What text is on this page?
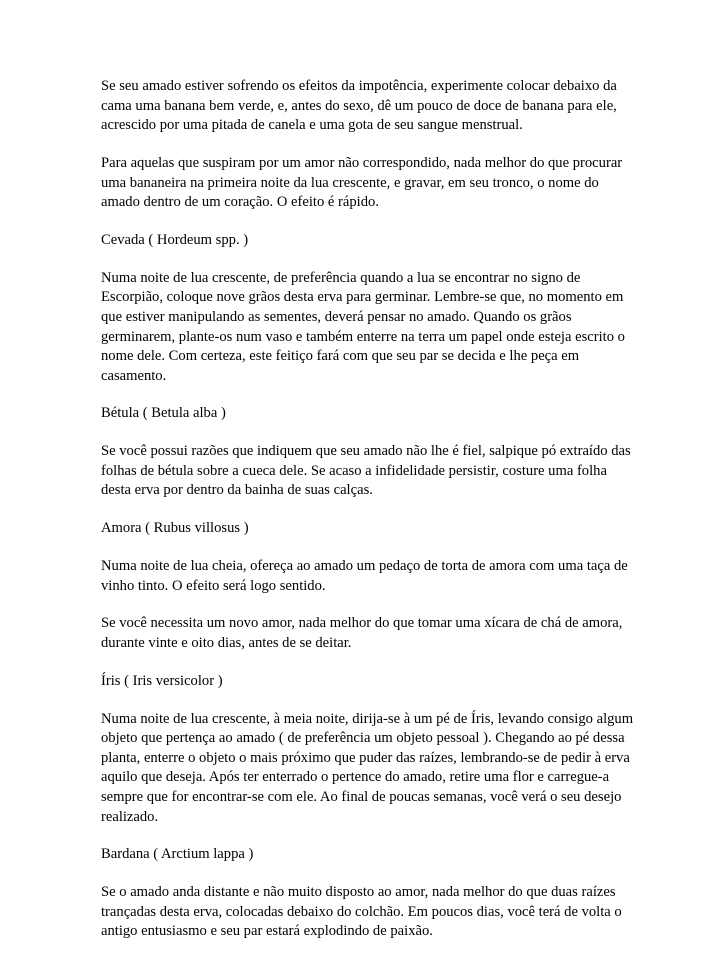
Se seu amado estiver sofrendo os efeitos da impotência, experimente colocar debaixo da
cama uma banana bem verde, e, antes do sexo, dê um pouco de doce de banana para ele,
acrescido por uma pitada de canela e uma gota de seu sangue menstrual.

Para aquelas que suspiram por um amor não correspondido, nada melhor do que procurar
uma bananeira na primeira noite da lua crescente, e gravar, em seu tronco, o nome do
amado dentro de um coração. O efeito é rápido.

Cevada ( Hordeum spp. )

Numa noite de lua crescente, de preferência quando a lua se encontrar no signo de
Escorpião, coloque nove grãos desta erva para germinar. Lembre-se que, no momento em
que estiver manipulando as sementes, deverá pensar no amado. Quando os grãos
germinarem, plante-os num vaso e também enterre na terra um papel onde esteja escrito o
nome dele. Com certeza, este feitiço fará com que seu par se decida e lhe peça em
casamento.

Bétula ( Betula alba )

Se você possui razões que indiquem que seu amado não lhe é fiel, salpique pó extraído das
folhas de bétula sobre a cueca dele. Se acaso a infidelidade persistir, costure uma folha
desta erva por dentro da bainha de suas calças.

Amora ( Rubus villosus )

Numa noite de lua cheia, ofereça ao amado um pedaço de torta de amora com uma taça de
vinho tinto. O efeito será logo sentido.

Se você necessita um novo amor, nada melhor do que tomar uma xícara de chá de amora,
durante vinte e oito dias, antes de se deitar.

Íris ( Iris versicolor )

Numa noite de lua crescente, à meia noite, dirija-se à um pé de Íris, levando consigo algum
objeto que pertença ao amado ( de preferência um objeto pessoal ). Chegando ao pé dessa
planta, enterre o objeto o mais próximo que puder das raízes, lembrando-se de pedir à erva
aquilo que deseja. Após ter enterrado o pertence do amado, retire uma flor e carregue-a
sempre que for encontrar-se com ele. Ao final de poucas semanas, você verá o seu desejo
realizado.

Bardana ( Arctium lappa )

Se o amado anda distante e não muito disposto ao amor, nada melhor do que duas raízes
trançadas desta erva, colocadas debaixo do colchão. Em poucos dias, você terá de volta o
antigo entusiasmo e seu par estará explodindo de paixão.
